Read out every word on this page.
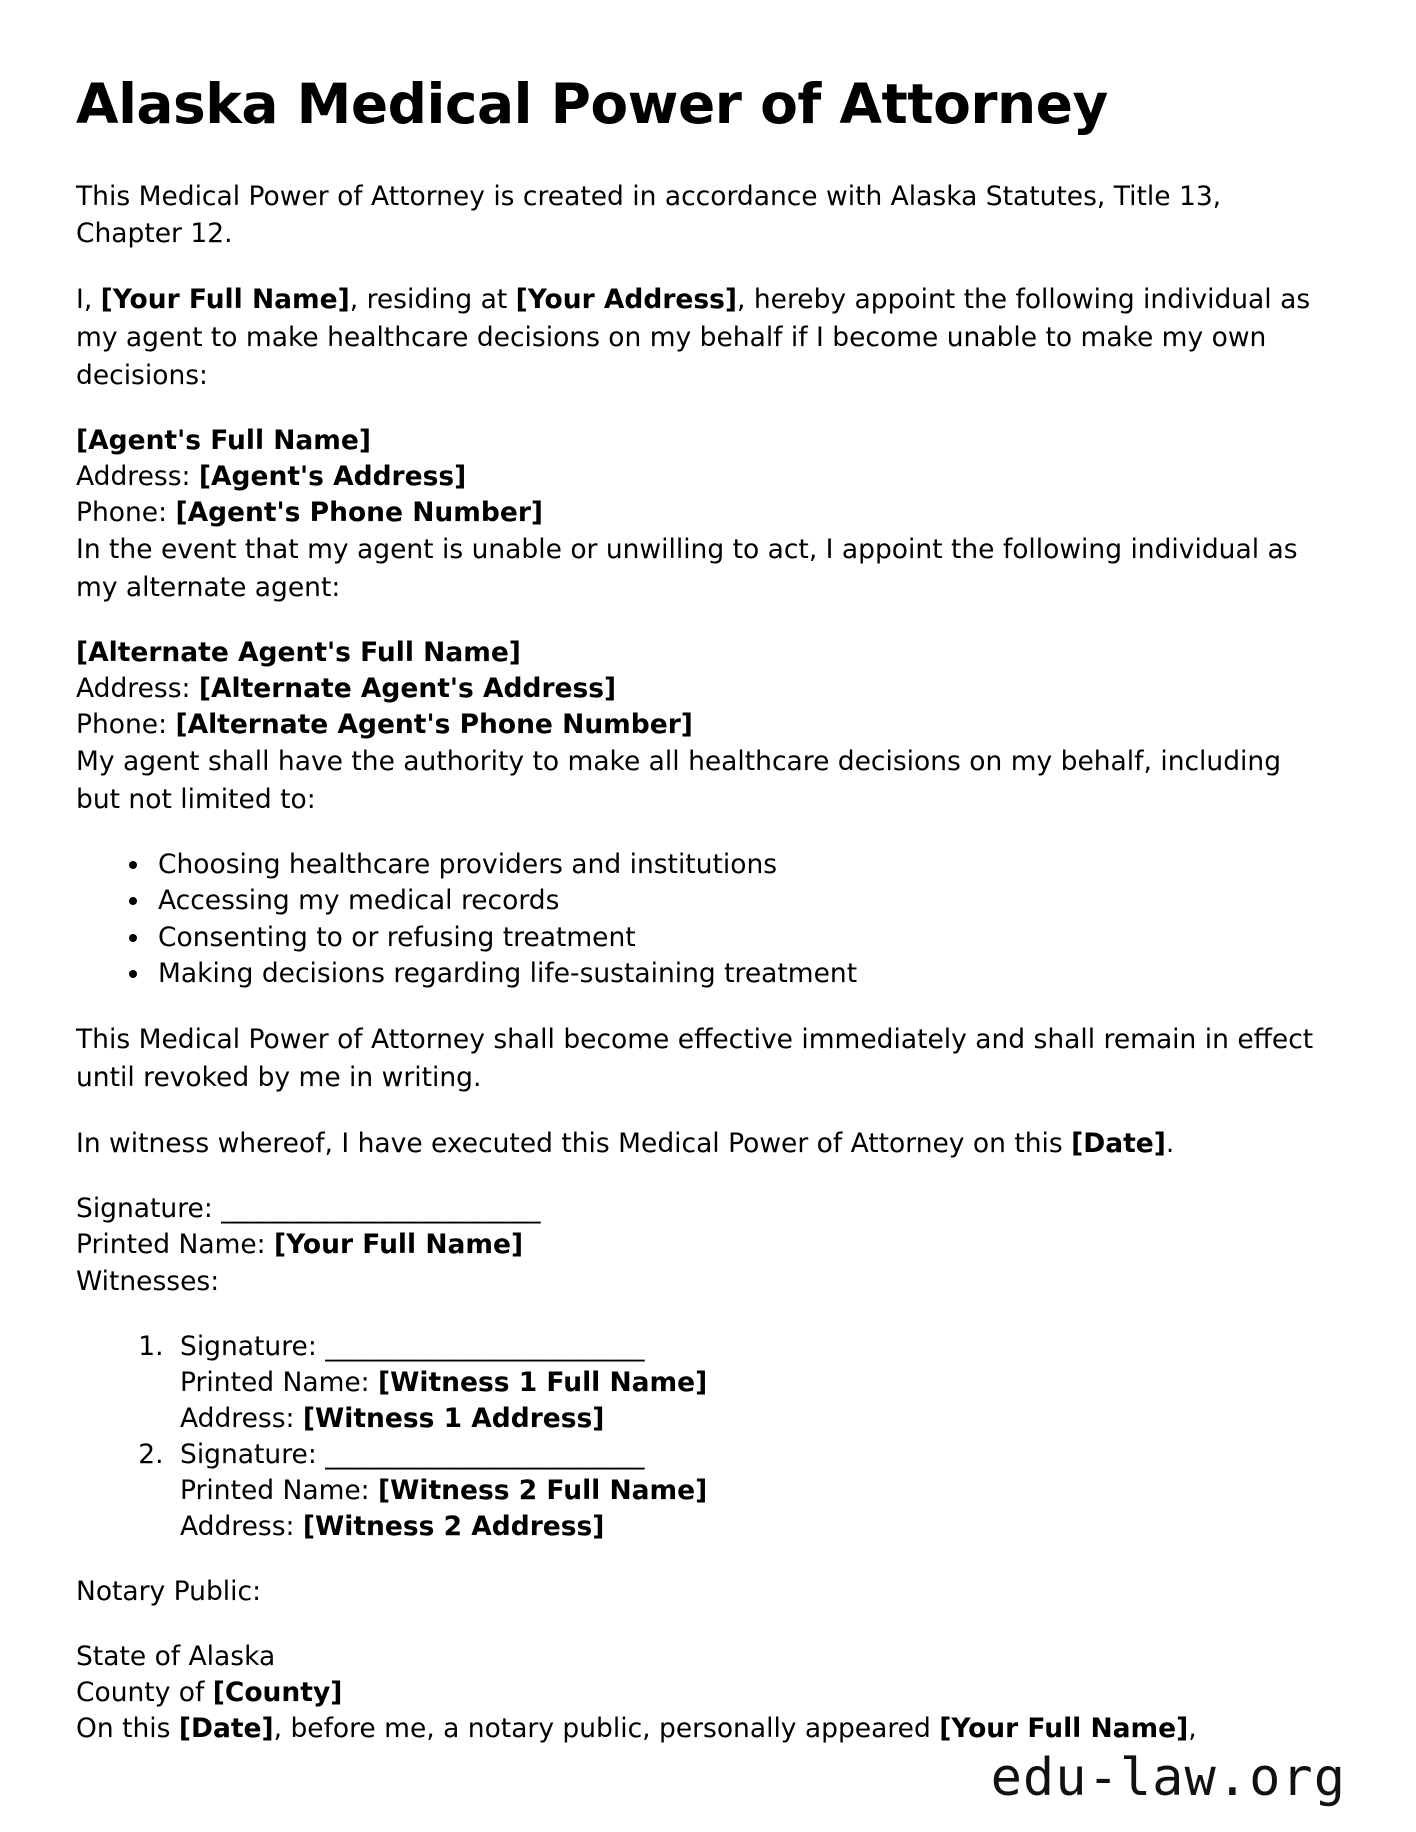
Alaska Medical Power of Attorney

This Medical Power of Attorney is created in accordance with Alaska Statutes, Title 13, Chapter 12.

I, [Your Full Name], residing at [Your Address], hereby appoint the following individual as my agent to make healthcare decisions on my behalf if I become unable to make my own decisions:

[Agent's Full Name]
Address: [Agent's Address]
Phone: [Agent's Phone Number]

In the event that my agent is unable or unwilling to act, I appoint the following individual as my alternate agent:

[Alternate Agent's Full Name]
Address: [Alternate Agent's Address]
Phone: [Alternate Agent's Phone Number]

My agent shall have the authority to make all healthcare decisions on my behalf, including but not limited to:

• Choosing healthcare providers and institutions
• Accessing my medical records
• Consenting to or refusing treatment
• Making decisions regarding life-sustaining treatment

This Medical Power of Attorney shall become effective immediately and shall remain in effect until revoked by me in writing.

In witness whereof, I have executed this Medical Power of Attorney on this [Date].

Signature: _________________________
Printed Name: [Your Full Name]

Witnesses:

1. Signature: _________________________
Printed Name: [Witness 1 Full Name]
Address: [Witness 1 Address]
2. Signature: _________________________
Printed Name: [Witness 2 Full Name]
Address: [Witness 2 Address]

Notary Public:

State of Alaska
County of [County]
On this [Date], before me, a notary public, personally appeared [Your Full Name],
edu-law.org
